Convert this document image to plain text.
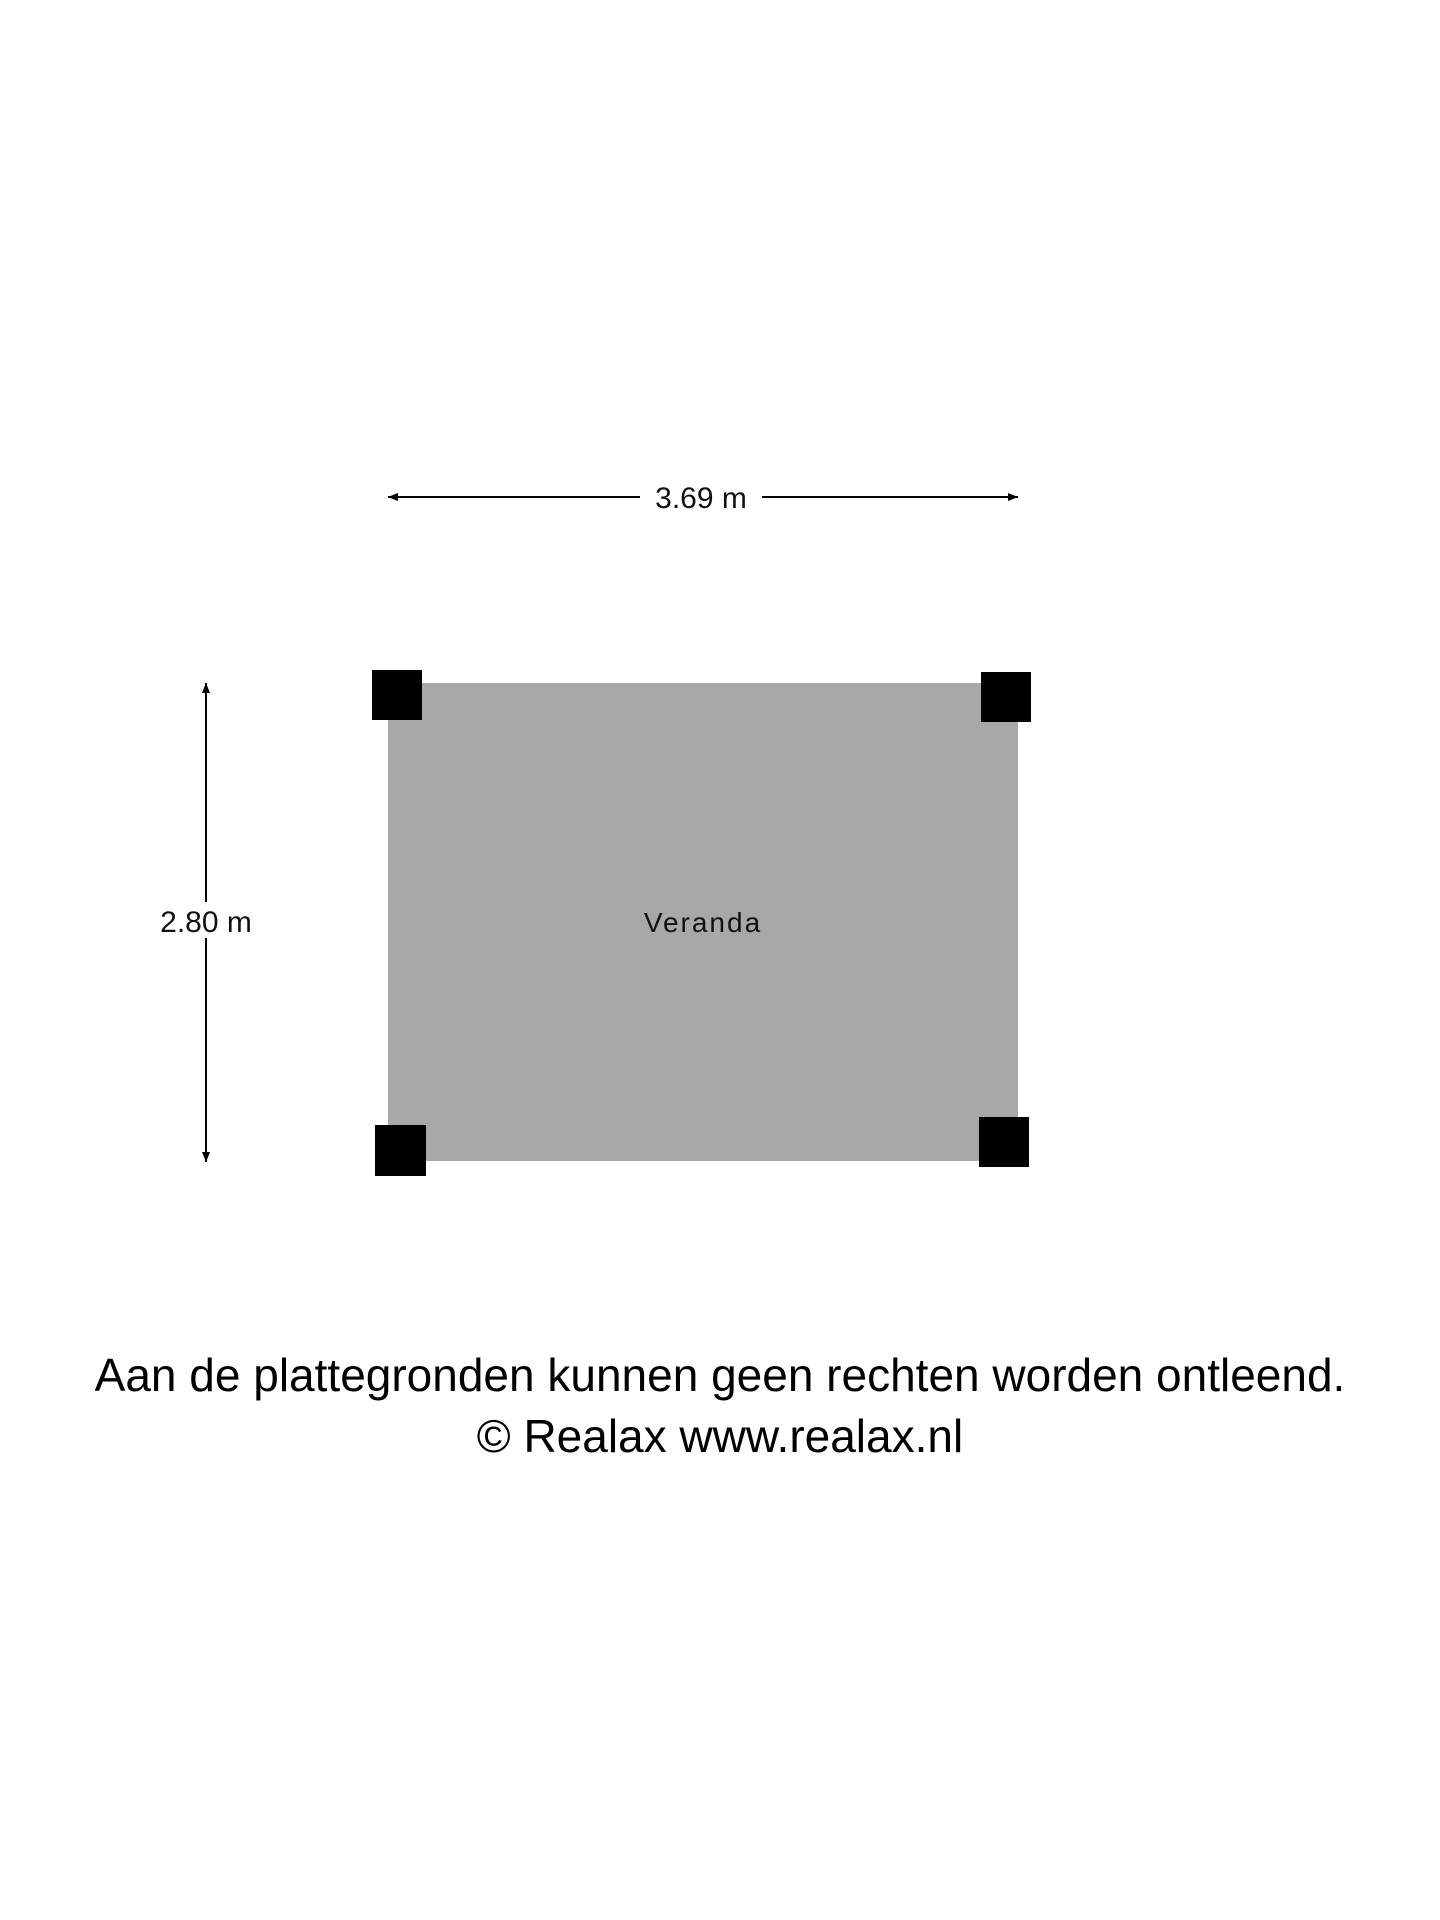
3.69 m
2.80 m	Veranda
Aan de plattegronden kunnen geen rechten worden ontleend.
© Realax www.realax.nl
